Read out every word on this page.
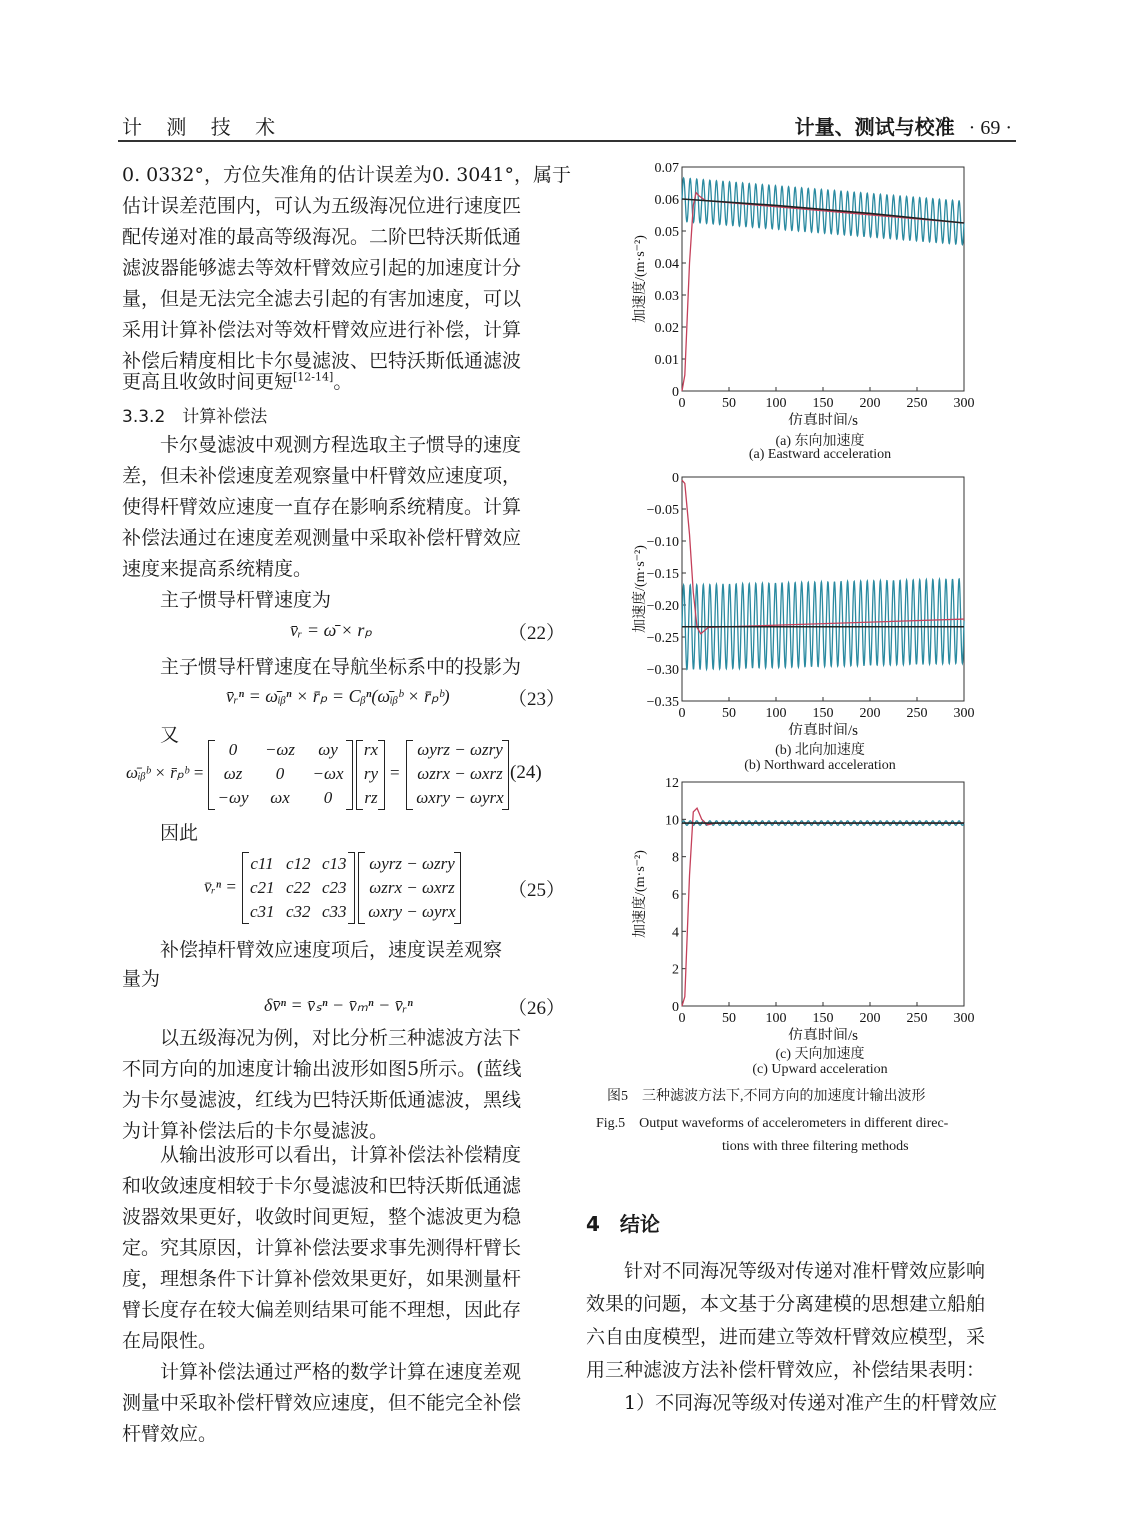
计 测 技 术	计量、测试与校准 · 69 ·
0. 0332°，方位失准角的估计误差为0. 3041°，属于
估计误差范围内，可认为五级海况位进行速度匹
配传递对准的最高等级海况。二阶巴特沃斯低通
滤波器能够滤去等效杆臂效应引起的加速度计分
量，但是无法完全滤去引起的有害加速度，可以
采用计算补偿法对等效杆臂效应进行补偿，计算
补偿后精度相比卡尔曼滤波、巴特沃斯低通滤波
更高且收敛时间更短[12-14]。
3.3.2　计算补偿法
卡尔曼滤波中观测方程选取主子惯导的速度
差，但未补偿速度差观察量中杆臂效应速度项，
使得杆臂效应速度一直存在影响系统精度。计算
补偿法通过在速度差观测量中采取补偿杆臂效应
速度来提高系统精度。
主子惯导杆臂速度为
v̄ᵣ = ω̄ × rₚ	（22）
主子惯导杆臂速度在导航坐标系中的投影为
v̄ᵣⁿ = ω̄ᵢᵦⁿ × r̄ₚ = Cᵦⁿ(ω̄ᵢᵦᵇ × r̄ₚᵇ)	（23）
又
ω̄ᵢᵦᵇ × r̄ₚᵇ =
0	−ωz	ωy
ωz	0	−ωx
−ωy	ωx	0
rx
ry
rz
=
ωyrz − ωzry
ωzrx − ωxrz
ωxry − ωyrx
(24)
因此
v̄ᵣⁿ =
c11 c12 c13
c21 c22 c23
c31 c32 c33
ωyrz − ωzry
ωzrx − ωxrz
ωxry − ωyrx
（25）
补偿掉杆臂效应速度项后，速度误差观察
量为
δv̄ⁿ = v̄ₛⁿ − v̄ₘⁿ − v̄ᵣⁿ	（26）
以五级海况为例，对比分析三种滤波方法下
不同方向的加速度计输出波形如图5所示。(蓝线
为卡尔曼滤波，红线为巴特沃斯低通滤波，黑线
为计算补偿法后的卡尔曼滤波。
从输出波形可以看出，计算补偿法补偿精度
和收敛速度相较于卡尔曼滤波和巴特沃斯低通滤
波器效果更好，收敛时间更短，整个滤波更为稳
定。究其原因，计算补偿法要求事先测得杆臂长
度，理想条件下计算补偿效果更好，如果测量杆
臂长度存在较大偏差则结果可能不理想，因此存
在局限性。
计算补偿法通过严格的数学计算在速度差观
测量中采取补偿杆臂效应速度，但不能完全补偿
杆臂效应。
0	50 100 150 200 250 300
0
0.01
0.02
0.03
0.04
0.05
0.06
0.07
仿真时间/s
加速度/(m·s⁻²)
(a) 东向加速度
(a) Eastward acceleration
0	50 100 150 200 250 300
−0.35
−0.30
−0.25
−0.20
−0.15
−0.10
−0.05
0
仿真时间/s
加速度/(m·s⁻²)
(b) 北向加速度
(b) Northward acceleration
0	50 100 150 200 250 300
0
2
4
6
8
10
12
仿真时间/s
加速度/(m·s⁻²)
(c) 天向加速度
(c) Upward acceleration
图5　三种滤波方法下,不同方向的加速度计输出波形
Fig.5　Output waveforms of accelerometers in different direc-
tions with three filtering methods
4　结论
针对不同海况等级对传递对准杆臂效应影响
效果的问题，本文基于分离建模的思想建立船舶
六自由度模型，进而建立等效杆臂效应模型，采
用三种滤波方法补偿杆臂效应，补偿结果表明：
1）不同海况等级对传递对准产生的杆臂效应
